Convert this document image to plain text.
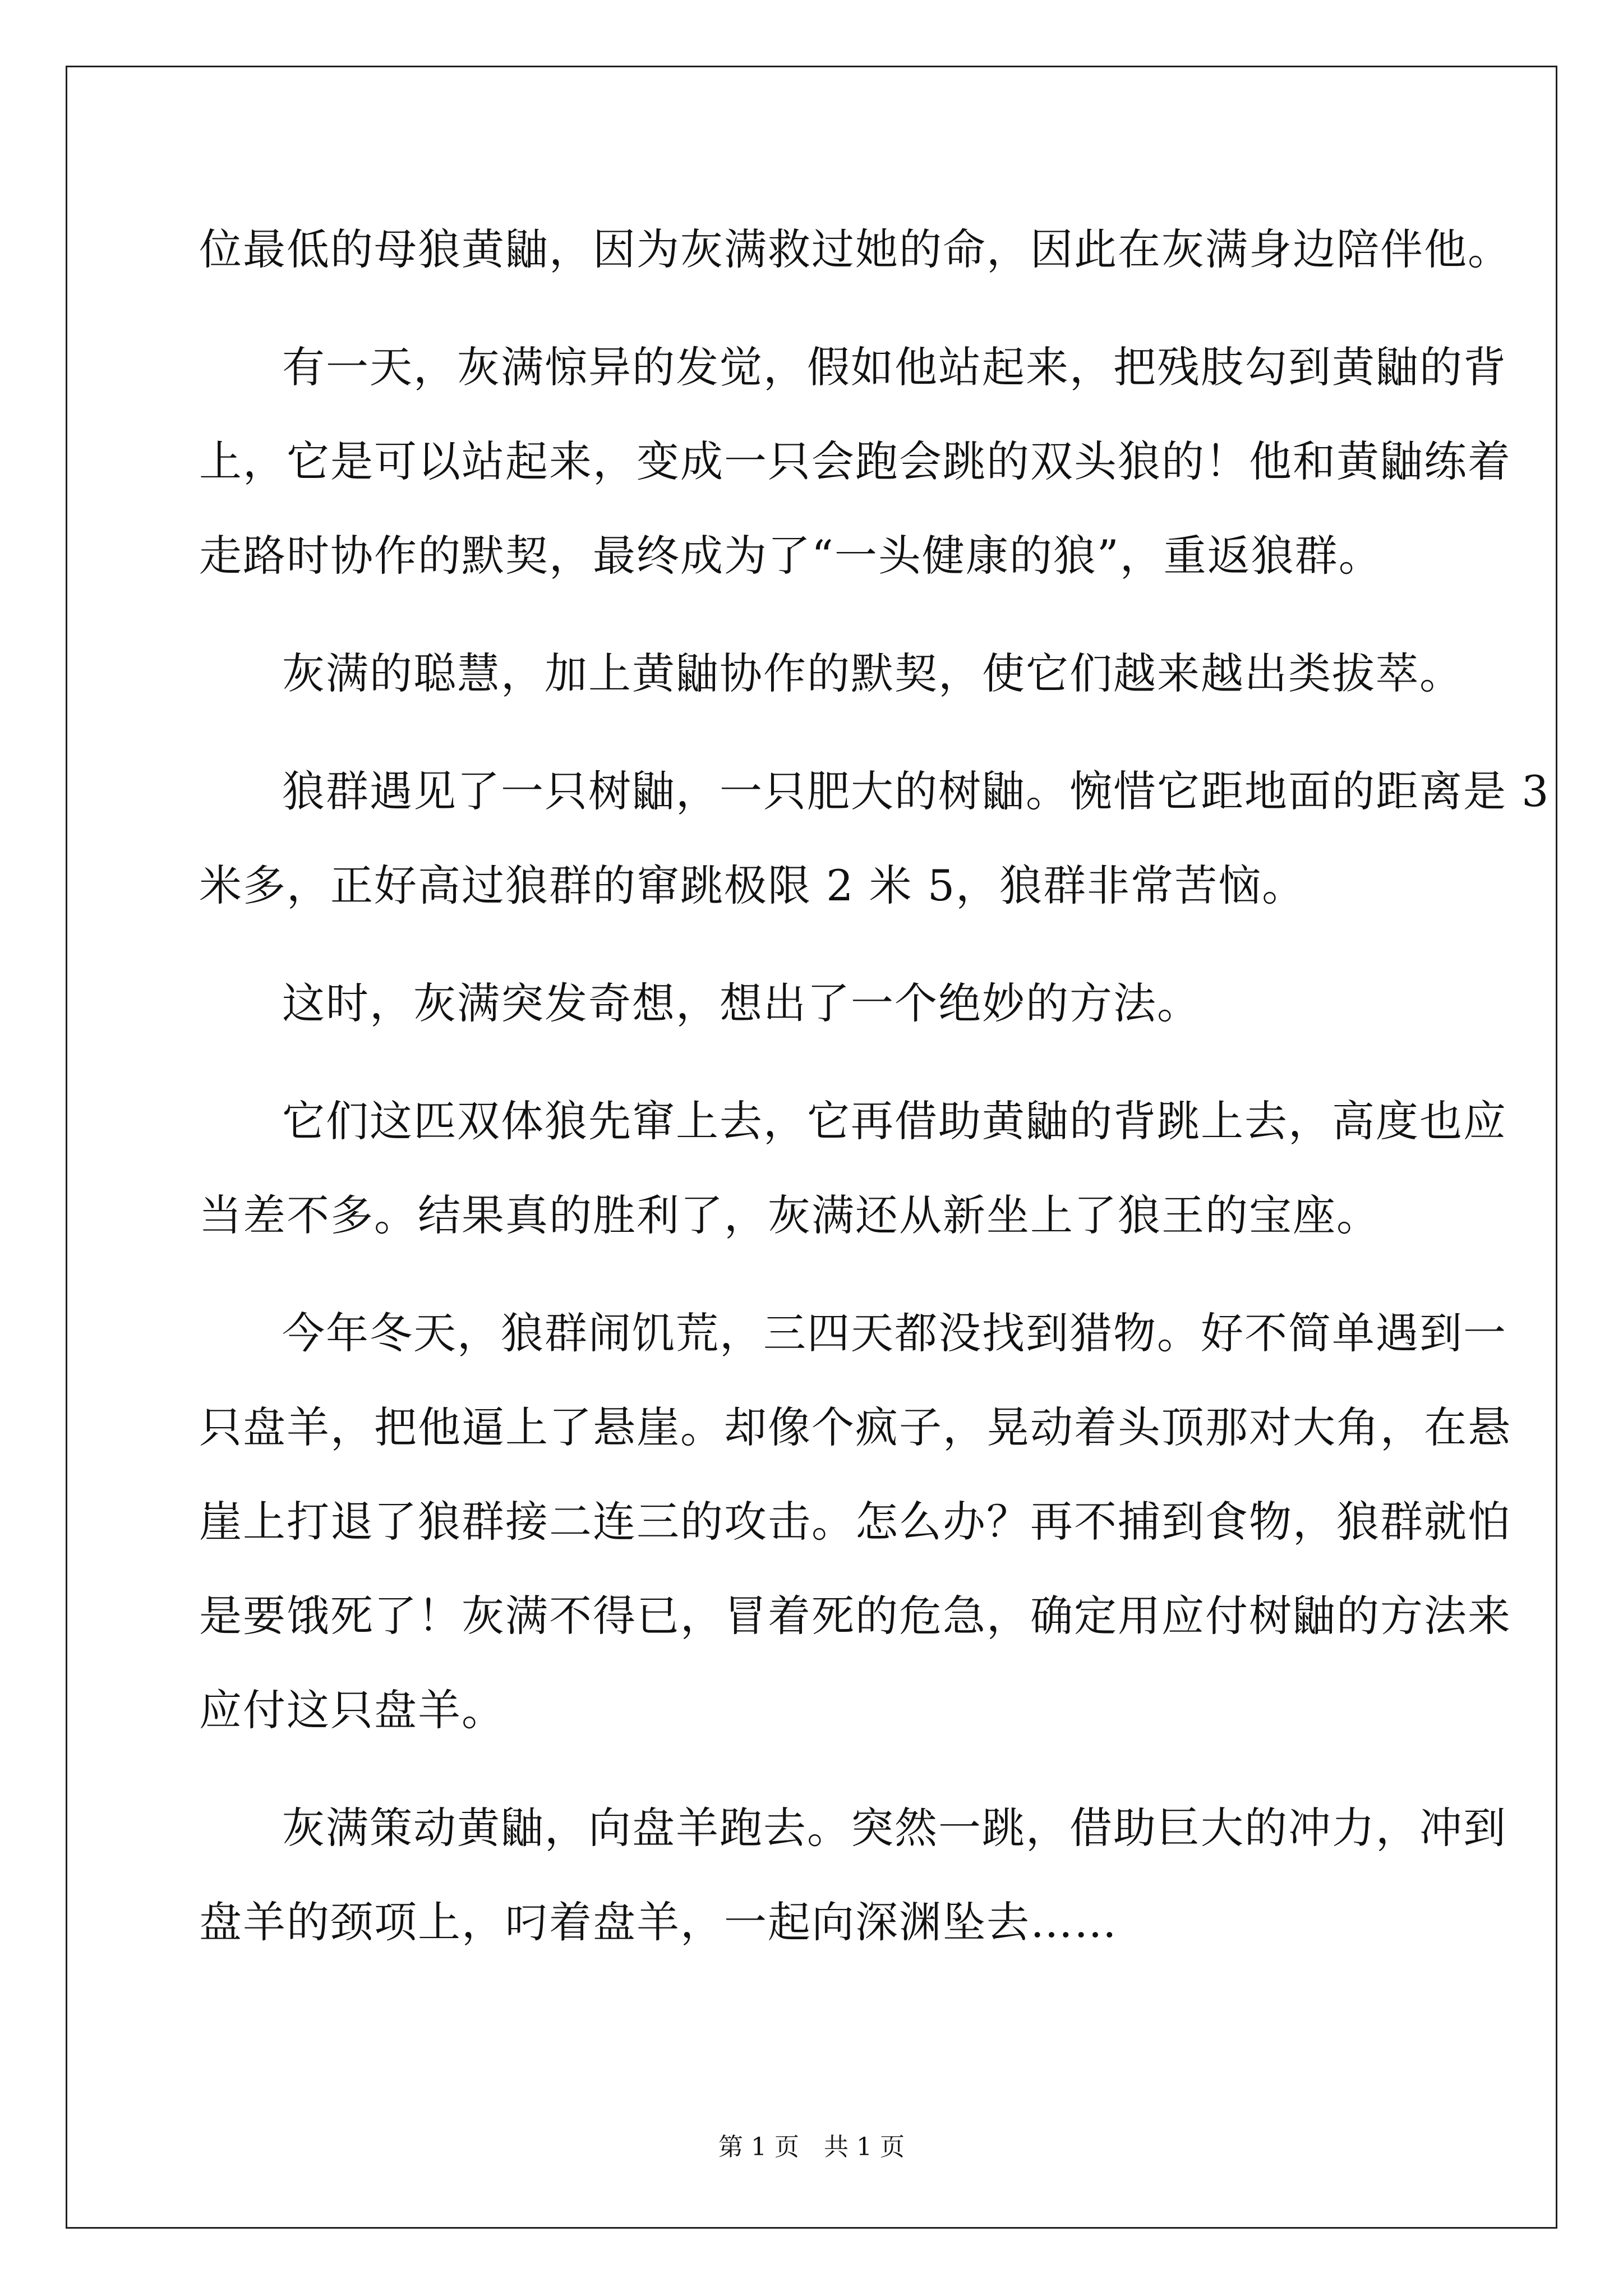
位最低的母狼黄鼬，因为灰满救过她的命，因此在灰满身边陪伴他。
有一天，灰满惊异的发觉，假如他站起来，把残肢勾到黄鼬的背
上，它是可以站起来，变成一只会跑会跳的双头狼的！他和黄鼬练着
走路时协作的默契，最终成为了“一头健康的狼”，重返狼群。
灰满的聪慧，加上黄鼬协作的默契，使它们越来越出类拔萃。
狼群遇见了一只树鼬，一只肥大的树鼬。惋惜它距地面的距离是 3
米多，正好高过狼群的窜跳极限 2 米 5，狼群非常苦恼。
这时，灰满突发奇想，想出了一个绝妙的方法。
它们这匹双体狼先窜上去，它再借助黄鼬的背跳上去，高度也应
当差不多。结果真的胜利了，灰满还从新坐上了狼王的宝座。
今年冬天，狼群闹饥荒，三四天都没找到猎物。好不简单遇到一
只盘羊，把他逼上了悬崖。却像个疯子，晃动着头顶那对大角，在悬
崖上打退了狼群接二连三的攻击。怎么办？再不捕到食物，狼群就怕
是要饿死了！灰满不得已，冒着死的危急，确定用应付树鼬的方法来
应付这只盘羊。
灰满策动黄鼬，向盘羊跑去。突然一跳，借助巨大的冲力，冲到
盘羊的颈项上，叼着盘羊，一起向深渊坠去……
第 1 页　共 1 页
